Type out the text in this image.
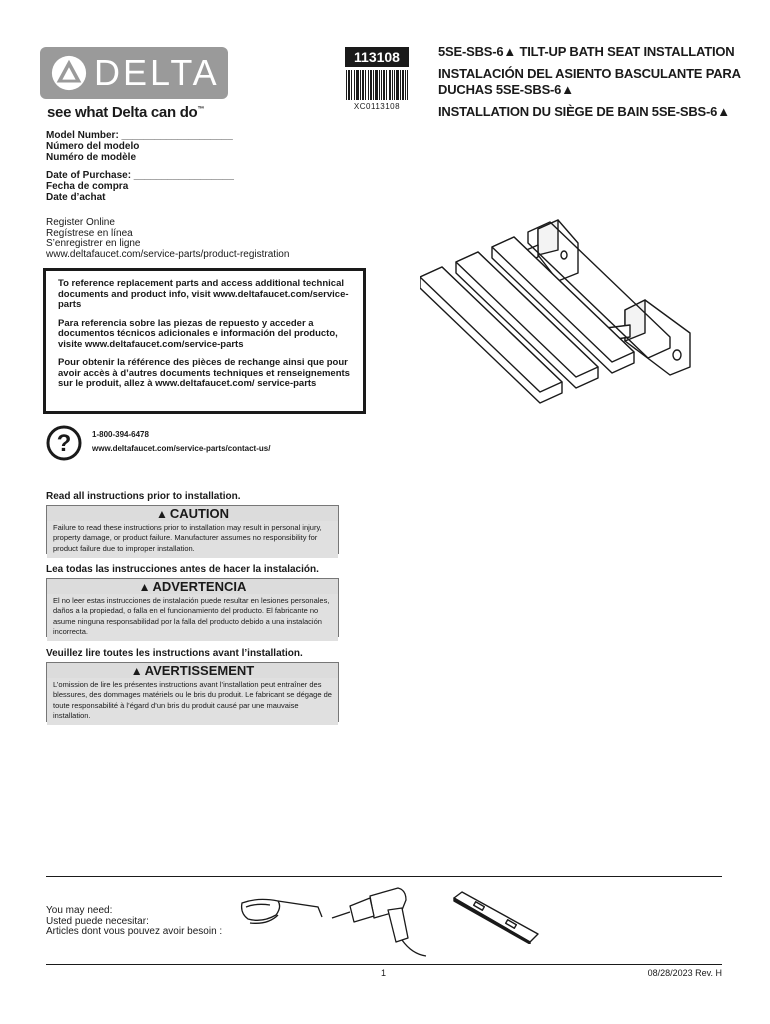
DELTA
see what Delta can do™
113108
XC0113108

5SE-SBS-6▲ TILT-UP BATH SEAT INSTALLATION

INSTALACIÓN DEL ASIENTO BASCULANTE PARA DUCHAS 5SE-SBS-6▲

INSTALLATION DU SIÈGE DE BAIN 5SE-SBS-6▲

Model Number: ____________________
Número del modelo
Numéro de modèle
Date of Purchase: __________________
Fecha de compra
Date d’achat
Register Online
Regístrese en línea
S’enregistrer en ligne
www.deltafaucet.com/service-parts/product-registration

To reference replacement parts and access additional technical documents and product info, visit www.deltafaucet.com/service-parts

Para referencia sobre las piezas de repuesto y acceder a documentos técnicos adicionales e información del producto, visite www.deltafaucet.com/service-parts

Pour obtenir la référence des pièces de rechange ainsi que pour avoir accès à d’autres documents techniques et renseignements sur le produit, allez à www.deltafaucet.com/ service-parts

?	1-800-394-6478
www.deltafaucet.com/service-parts/contact-us/
Read all instructions prior to installation.
▲ CAUTION
Failure to read these instructions prior to installation may result in personal injury, property damage, or product failure. Manufacturer assumes no responsibility for product failure due to improper installation.
Lea todas las instrucciones antes de hacer la instalación.
▲ ADVERTENCIA
El no leer estas instrucciones de instalación puede resultar en lesiones personales, daños a la propiedad, o falla en el funcionamiento del producto. El fabricante no asume ninguna responsabilidad por la falla del producto debido a una instalación incorrecta.
Veuillez lire toutes les instructions avant l’installation.
▲ AVERTISSEMENT
L’omission de lire les présentes instructions avant l’installation peut entraîner des blessures, des dommages matériels ou le bris du produit. Le fabricant se dégage de toute responsabilité à l’égard d’un bris du produit causé par une mauvaise installation.
You may need:
Usted puede necesitar:
Articles dont vous pouvez avoir besoin :
1	08/28/2023 Rev. H
